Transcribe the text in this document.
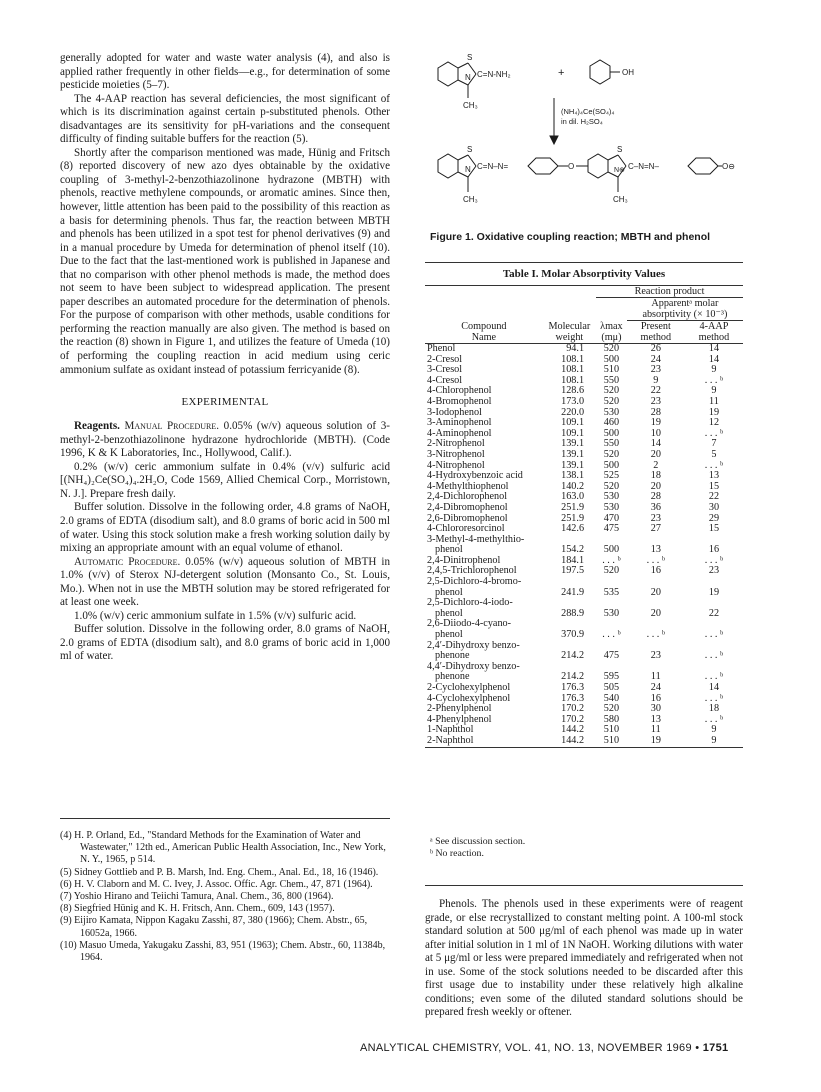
generally adopted for water and waste water analysis (4), and also is applied rather frequently in other fields—e.g., for determination of some pesticide moieties (5–7).

The 4-AAP reaction has several deficiencies, the most significant of which is its discrimination against certain p-substituted phenols. Other disadvantages are its sensitivity for pH-variations and the consequent difficulty of finding suitable buffers for the reaction (5).

Shortly after the comparison mentioned was made, Hünig and Fritsch (8) reported discovery of new azo dyes obtainable by the oxidative coupling of 3-methyl-2-benzothiazolinone hydrazone (MBTH) with phenols, reactive methylene compounds, or aromatic amines. Since then, however, little attention has been paid to the possibility of this reaction as a basis for determining phenols. Thus far, the reaction between MBTH and phenols has been utilized in a spot test for phenol derivatives (9) and in a manual procedure by Umeda for determination of phenol itself (10). Due to the fact that the last-mentioned work is published in Japanese and that no comparison with other phenol methods is made, the method does not seem to have been subject to widespread application. The present paper describes an automated procedure for the determination of phenols. For the purpose of comparison with other methods, usable conditions for performing the reaction manually are also given. The method is based on the reaction (8) shown in Figure 1, and utilizes the feature of Umeda (10) of performing the coupling reaction in acid medium using ceric ammonium sulfate as oxidant instead of potassium ferricyanide (8).

EXPERIMENTAL

Reagents. Manual Procedure. 0.05% (w/v) aqueous solution of 3-methyl-2-benzothiazolinone hydrazone hydrochloride (MBTH). (Code 1996, K & K Laboratories, Inc., Hollywood, Calif.).

0.2% (w/v) ceric ammonium sulfate in 0.4% (v/v) sulfuric acid [(NH₄)₂Ce(SO₄)₄.2H₂O, Code 1569, Allied Chemical Corp., Morristown, N. J.]. Prepare fresh daily.

Buffer solution. Dissolve in the following order, 4.8 grams of NaOH, 2.0 grams of EDTA (disodium salt), and 8.0 grams of boric acid in 500 ml of water. Using this stock solution make a fresh working solution daily by mixing an appropriate amount with an equal volume of ethanol.

Automatic Procedure. 0.05% (w/v) aqueous solution of MBTH in 1.0% (v/v) of Sterox NJ-detergent solution (Monsanto Co., St. Louis, Mo.). When not in use the MBTH solution may be stored refrigerated for at least one week.

1.0% (w/v) ceric ammonium sulfate in 1.5% (v/v) sulfuric acid.

Buffer solution. Dissolve in the following order, 8.0 grams of NaOH, 2.0 grams of EDTA (disodium salt), and 8.0 grams of boric acid in 1,000 ml of water.

(4) H. P. Orland, Ed., "Standard Methods for the Examination of Water and Wastewater," 12th ed., American Public Health Association, Inc., New York, N. Y., 1965, p 514.
(5) Sidney Gottlieb and P. B. Marsh, Ind. Eng. Chem., Anal. Ed., 18, 16 (1946).
(6) H. V. Claborn and M. C. Ivey, J. Assoc. Offic. Agr. Chem., 47, 871 (1964).
(7) Yoshio Hirano and Teiichi Tamura, Anal. Chem., 36, 800 (1964).
(8) Siegfried Hünig and K. H. Fritsch, Ann. Chem., 609, 143 (1957).
(9) Eijiro Kamata, Nippon Kagaku Zasshi, 87, 380 (1966); Chem. Abstr., 65, 16052a, 1966.
(10) Masuo Umeda, Yakugaku Zasshi, 83, 951 (1963); Chem. Abstr., 60, 11384b, 1964.
S
N C=N-NH₂
CH₃
+	OH
(NH₄)₄Ce(SO₄)₄
in dil. H₂SO₄
S
N C=N–N=
CH₃
O
S
N⊕ C–N=N–
CH₃
O⊖
Figure 1. Oxidative coupling reaction; MBTH and phenol
Table I. Molar Absorptivity Values
		Reaction product		
			Apparentᵃ molar absorptivity (× 10⁻³)	
Compound	Molecular	λmax	Present	4-AAP
Name	weight	(mμ)	method	method

Phenol	94.1	520	26	14

2-Cresol	108.1	500	24	14

3-Cresol	108.1	510	23	9

4-Cresol	108.1	550	9	. . . ᵇ

4-Chlorophenol	128.6	520	22	9

4-Bromophenol	173.0	520	23	11

3-Iodophenol	220.0	530	28	19

3-Aminophenol	109.1	460	19	12

4-Aminophenol	109.1	500	10	. . . ᵇ

2-Nitrophenol	139.1	550	14	7

3-Nitrophenol	139.1	520	20	5

4-Nitrophenol	139.1	500	2	. . . ᵇ

4-Hydroxybenzoic acid	138.1	525	18	13

4-Methylthiophenol	140.2	520	20	15

2,4-Dichlorophenol	163.0	530	28	22

2,4-Dibromophenol	251.9	530	36	30

2,6-Dibromophenol	251.9	470	23	29

4-Chlororesorcinol	142.6	475	27	15

3-Methyl-4-methylthio-
phenol	154.2	500	13	16

2,4-Dinitrophenol	184.1	. . . ᵇ	. . . ᵇ	. . . ᵇ

2,4,5-Trichlorophenol	197.5	520	16	23

2,5-Dichloro-4-bromo-
phenol	241.9	535	20	19

2,5-Dichloro-4-iodo-
phenol	288.9	530	20	22

2,6-Diiodo-4-cyano-
phenol	370.9	. . . ᵇ	. . . ᵇ	. . . ᵇ

2,4′-Dihydroxy benzo-
phenone	214.2	475	23	. . . ᵇ

4,4′-Dihydroxy benzo-
phenone	214.2	595	11	. . . ᵇ

2-Cyclohexylphenol	176.3	505	24	14

4-Cyclohexylphenol	176.3	540	16	. . . ᵇ

2-Phenylphenol	170.2	520	30	18

4-Phenylphenol	170.2	580	13	. . . ᵇ

1-Naphthol	144.2	510	11	9

2-Naphthol	144.2	510	19	9
ᵃ See discussion section.
ᵇ No reaction.

Phenols. The phenols used in these experiments were of reagent grade, or else recrystallized to constant melting point. A 100-ml stock standard solution at 500 μg/ml of each phenol was made up in water after initial solution in 1 ml of 1N NaOH. Working dilutions with water at 5 μg/ml or less were prepared immediately and refrigerated when not in use. Some of the stock solutions needed to be discarded after this first usage due to instability under these relatively high alkaline conditions; even some of the diluted standard solutions should be prepared fresh weekly or oftener.

ANALYTICAL CHEMISTRY, VOL. 41, NO. 13, NOVEMBER 1969 • 1751
